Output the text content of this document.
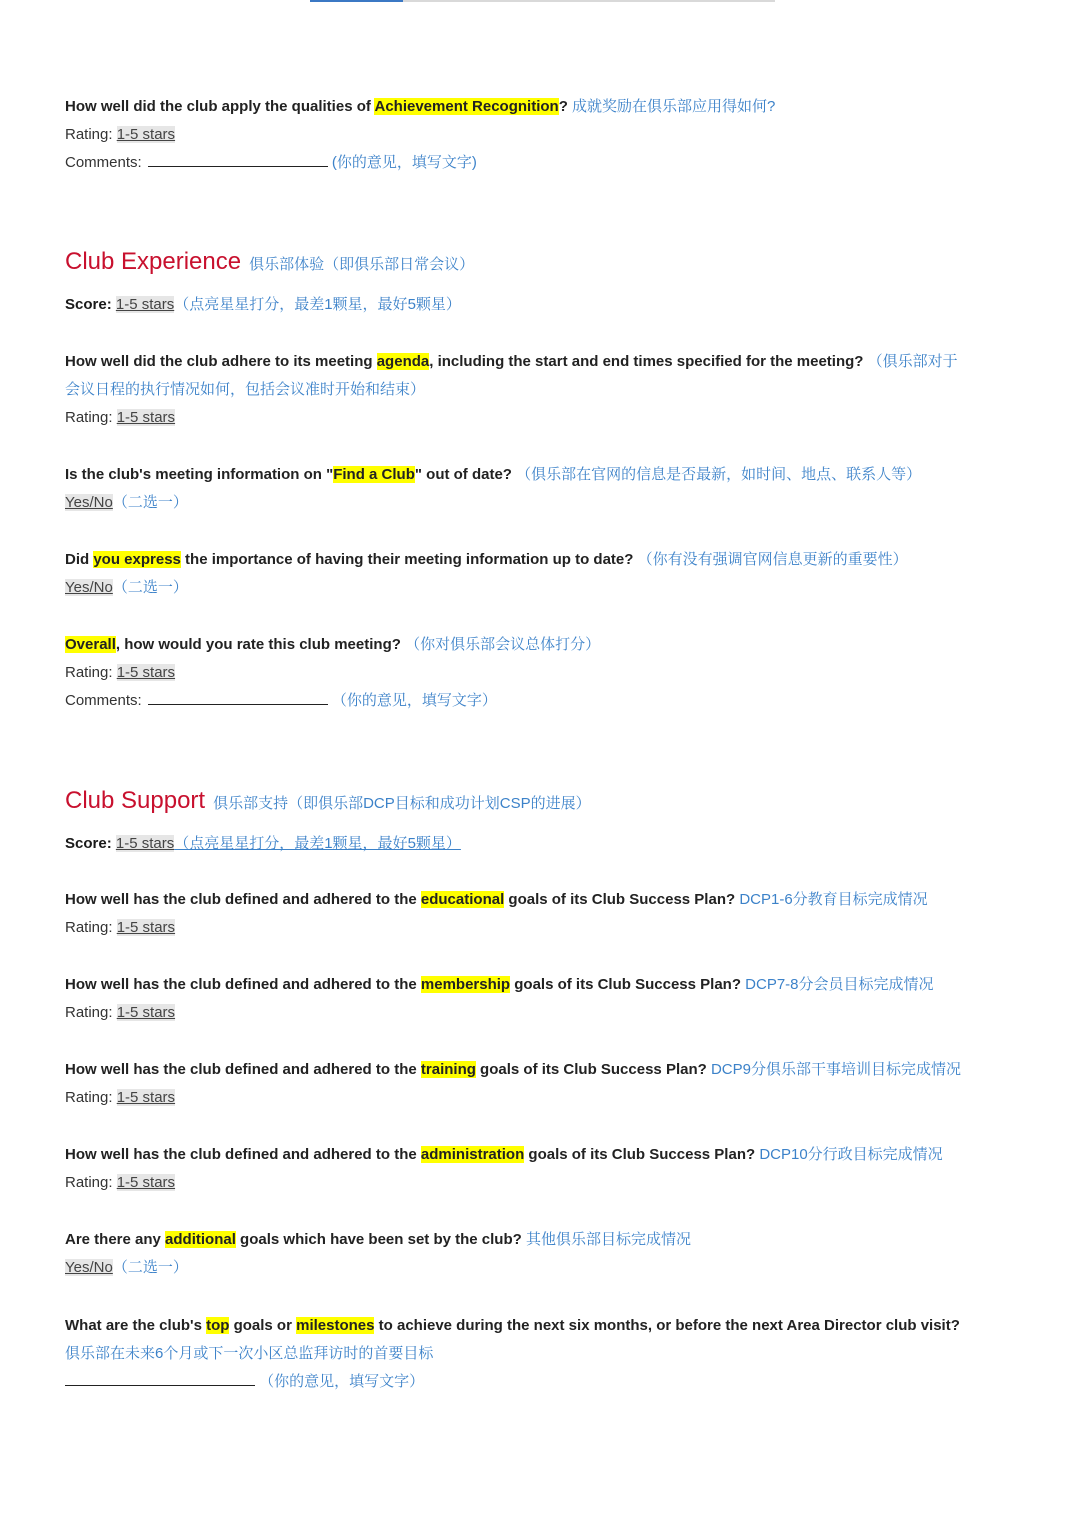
How well did the club apply the qualities of Achievement Recognition? 成就奖励在俱乐部应用得如何?

Rating: 1-5 stars

Comments:	(你的意见，填写文字)

Club Experience 俱乐部体验（即俱乐部日常会议）

Score: 1-5 stars（点亮星星打分，最差1颗星，最好5颗星）

How well did the club adhere to its meeting agenda, including the start and end times specified for the meeting? （俱乐部对于

会议日程的执行情况如何，包括会议准时开始和结束）

Rating: 1-5 stars

Is the club's meeting information on "Find a Club" out of date? （俱乐部在官网的信息是否最新，如时间、地点、联系人等）

Yes/No（二选一）

Did you express the importance of having their meeting information up to date? （你有没有强调官网信息更新的重要性）

Yes/No（二选一）

Overall, how would you rate this club meeting? （你对俱乐部会议总体打分）

Rating: 1-5 stars

Comments:	（你的意见，填写文字）

Club Support 俱乐部支持（即俱乐部DCP目标和成功计划CSP的进展）

Score: 1-5 stars（点亮星星打分，最差1颗星，最好5颗星）

How well has the club defined and adhered to the educational goals of its Club Success Plan? DCP1-6分教育目标完成情况

Rating: 1-5 stars

How well has the club defined and adhered to the membership goals of its Club Success Plan? DCP7-8分会员目标完成情况

Rating: 1-5 stars

How well has the club defined and adhered to the training goals of its Club Success Plan? DCP9分俱乐部干事培训目标完成情况

Rating: 1-5 stars

How well has the club defined and adhered to the administration goals of its Club Success Plan? DCP10分行政目标完成情况

Rating: 1-5 stars

Are there any additional goals which have been set by the club? 其他俱乐部目标完成情况

Yes/No（二选一）

What are the club's top goals or milestones to achieve during the next six months, or before the next Area Director club visit?

俱乐部在未来6个月或下一次小区总监拜访时的首要目标

（你的意见，填写文字）
